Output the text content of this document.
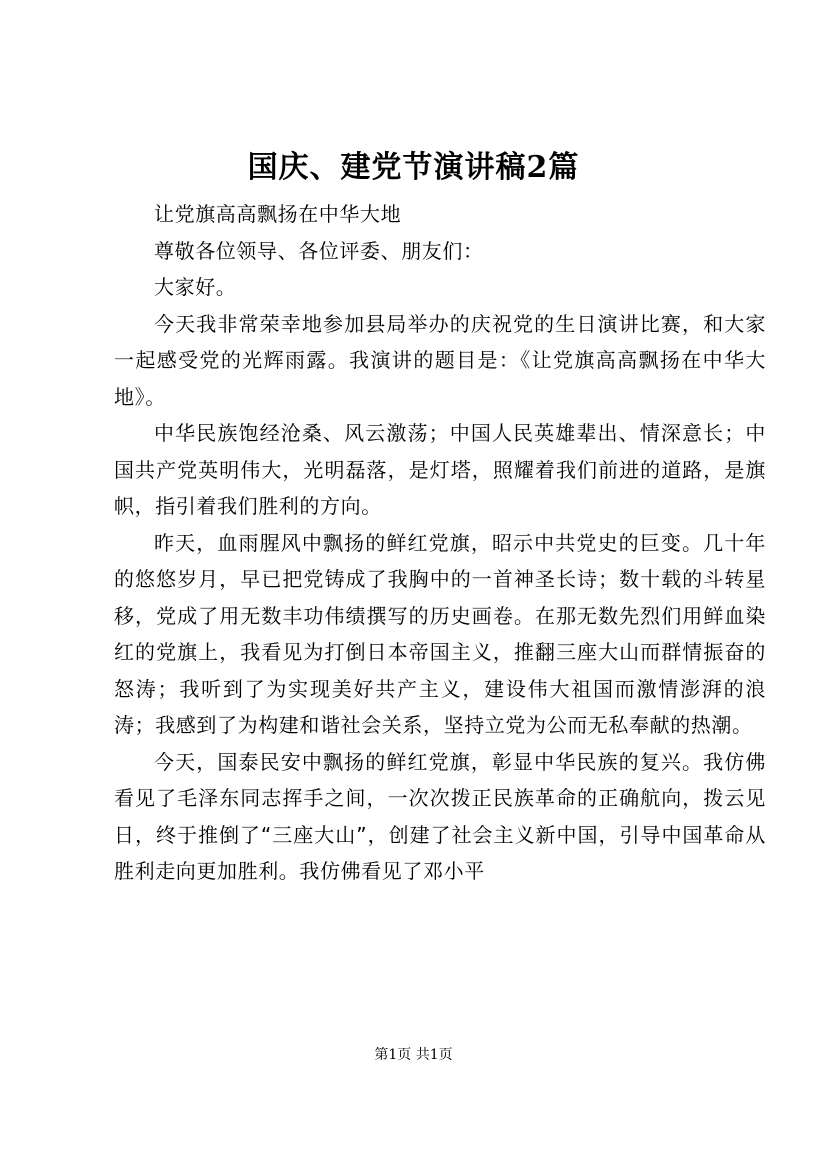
国庆、建党节演讲稿2篇

让党旗高高飘扬在中华大地

尊敬各位领导、各位评委、朋友们：

大家好。

今天我非常荣幸地参加县局举办的庆祝党的生日演讲比赛，和大家一起感受党的光辉雨露。我演讲的题目是：《让党旗高高飘扬在中华大地》。

中华民族饱经沧桑、风云激荡；中国人民英雄辈出、情深意长；中国共产党英明伟大，光明磊落，是灯塔，照耀着我们前进的道路，是旗帜，指引着我们胜利的方向。

昨天，血雨腥风中飘扬的鲜红党旗，昭示中共党史的巨变。几十年的悠悠岁月，早已把党铸成了我胸中的一首神圣长诗；数十载的斗转星移，党成了用无数丰功伟绩撰写的历史画卷。在那无数先烈们用鲜血染红的党旗上，我看见为打倒日本帝国主义，推翻三座大山而群情振奋的怒涛；我听到了为实现美好共产主义，建设伟大祖国而激情澎湃的浪涛；我感到了为构建和谐社会关系，坚持立党为公而无私奉献的热潮。

今天，国泰民安中飘扬的鲜红党旗，彰显中华民族的复兴。我仿佛看见了毛泽东同志挥手之间，一次次拨正民族革命的正确航向，拨云见日，终于推倒了“三座大山”，创建了社会主义新中国，引导中国革命从胜利走向更加胜利。我仿佛看见了邓小平

第1页 共1页
